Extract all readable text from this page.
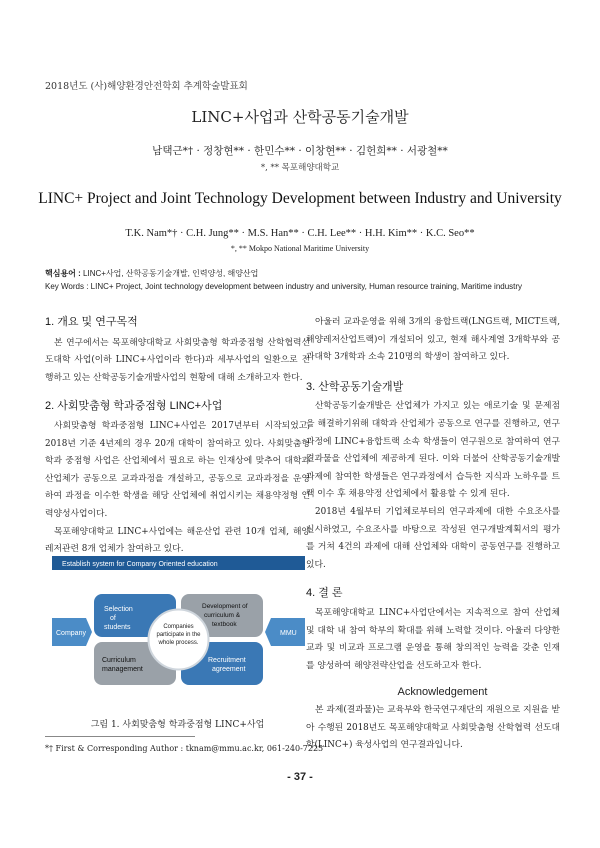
2018년도 (사)해양환경안전학회 추계학술발표회
LINC+사업과 산학공동기술개발
남택근*† · 정창현** · 한민수** · 이창현** · 김헌희** · 서광철**
*, ** 목포해양대학교
LINC+ Project and Joint Technology Development between Industry and University
T.K. Nam*† · C.H. Jung** · M.S. Han** · C.H. Lee** · H.H. Kim** · K.C. Seo**
*, ** Mokpo National Maritime University
핵심용어 : LINC+사업, 산학공동기술개발, 인력양성, 해양산업
Key Words : LINC+ Project, Joint technology development between industry and university, Human resource training, Maritime industry
1. 개요 및 연구목적

본 연구에서는 목포해양대학교 사회맞춤형 학과중점형 산학협력선도대학 사업(이하 LINC+사업이라 한다)과 세부사업의 일환으로 진행하고 있는 산학공동기술개발사업의 현황에 대해 소개하고자 한다.

2. 사회맞춤형 학과중점형 LINC+사업

사회맞춤형 학과중점형 LINC+사업은 2017년부터 시작되었고, 2018년 기준 4년제의 경우 20개 대학이 참여하고 있다. 사회맞춤형 학과 중점형 사업은 산업체에서 필요로 하는 인재상에 맞추어 대학과 산업체가 공동으로 교과과정을 개설하고, 공동으로 교과과정을 운영하여 과정을 이수한 학생을 해당 산업체에 취업시키는 채용약정형 인력양성사업이다.

목포해양대학교 LINC+사업에는 해운산업 관련 10개 업체, 해양레저관련 8개 업체가 참여하고 있다.

Establish system for Company Oriented education
Company	MMU
Selection of students
Development of curriculum & textbook
Curriculum management
Recruitment agreement
Companies participate in the whole process.
그림 1. 사회맞춤형 학과중점형 LINC+사업
*† First & Corresponding Author : tknam@mmu.ac.kr, 061-240-7225

아울러 교과운영을 위해 3개의 융합트랙(LNG트랙, MICT트랙, 해양레저산업트랙)이 개설되어 있고, 현재 해사계열 3개학부와 공과대학 3개학과 소속 210명의 학생이 참여하고 있다.

3. 산학공동기술개발

산학공동기술개발은 산업체가 가지고 있는 애로기술 및 문제점을 해결하기위해 대학과 산업체가 공동으로 연구를 진행하고, 연구과정에 LINC+융합트랙 소속 학생들이 연구원으로 참여하여 연구결과물을 산업체에 제공하게 된다. 이와 더불어 산학공동기술개발 과제에 참여한 학생들은 연구과정에서 습득한 지식과 노하우를 트랙 이수 후 채용약정 산업체에서 활용할 수 있게 된다.

2018년 4월부터 기업체로부터의 연구과제에 대한 수요조사를 실시하였고, 수요조사를 바탕으로 작성된 연구개발계획서의 평가를 거쳐 4건의 과제에 대해 산업체와 대학이 공동연구를 진행하고 있다.

4. 결 론

목포해양대학교 LINC+사업단에서는 지속적으로 참여 산업체 및 대학 내 참여 학부의 확대를 위해 노력할 것이다. 아울러 다양한 교과 및 비교과 프로그램 운영을 통해 창의적인 능력을 갖춘 인재를 양성하여 해양전략산업을 선도하고자 한다.

Acknowledgement

본 과제(결과물)는 교육부와 한국연구재단의 재원으로 지원을 받아 수행된 2018년도 목포해양대학교 사회맞춤형 산학협력 선도대학(LINC+) 육성사업의 연구결과입니다.

- 37 -
